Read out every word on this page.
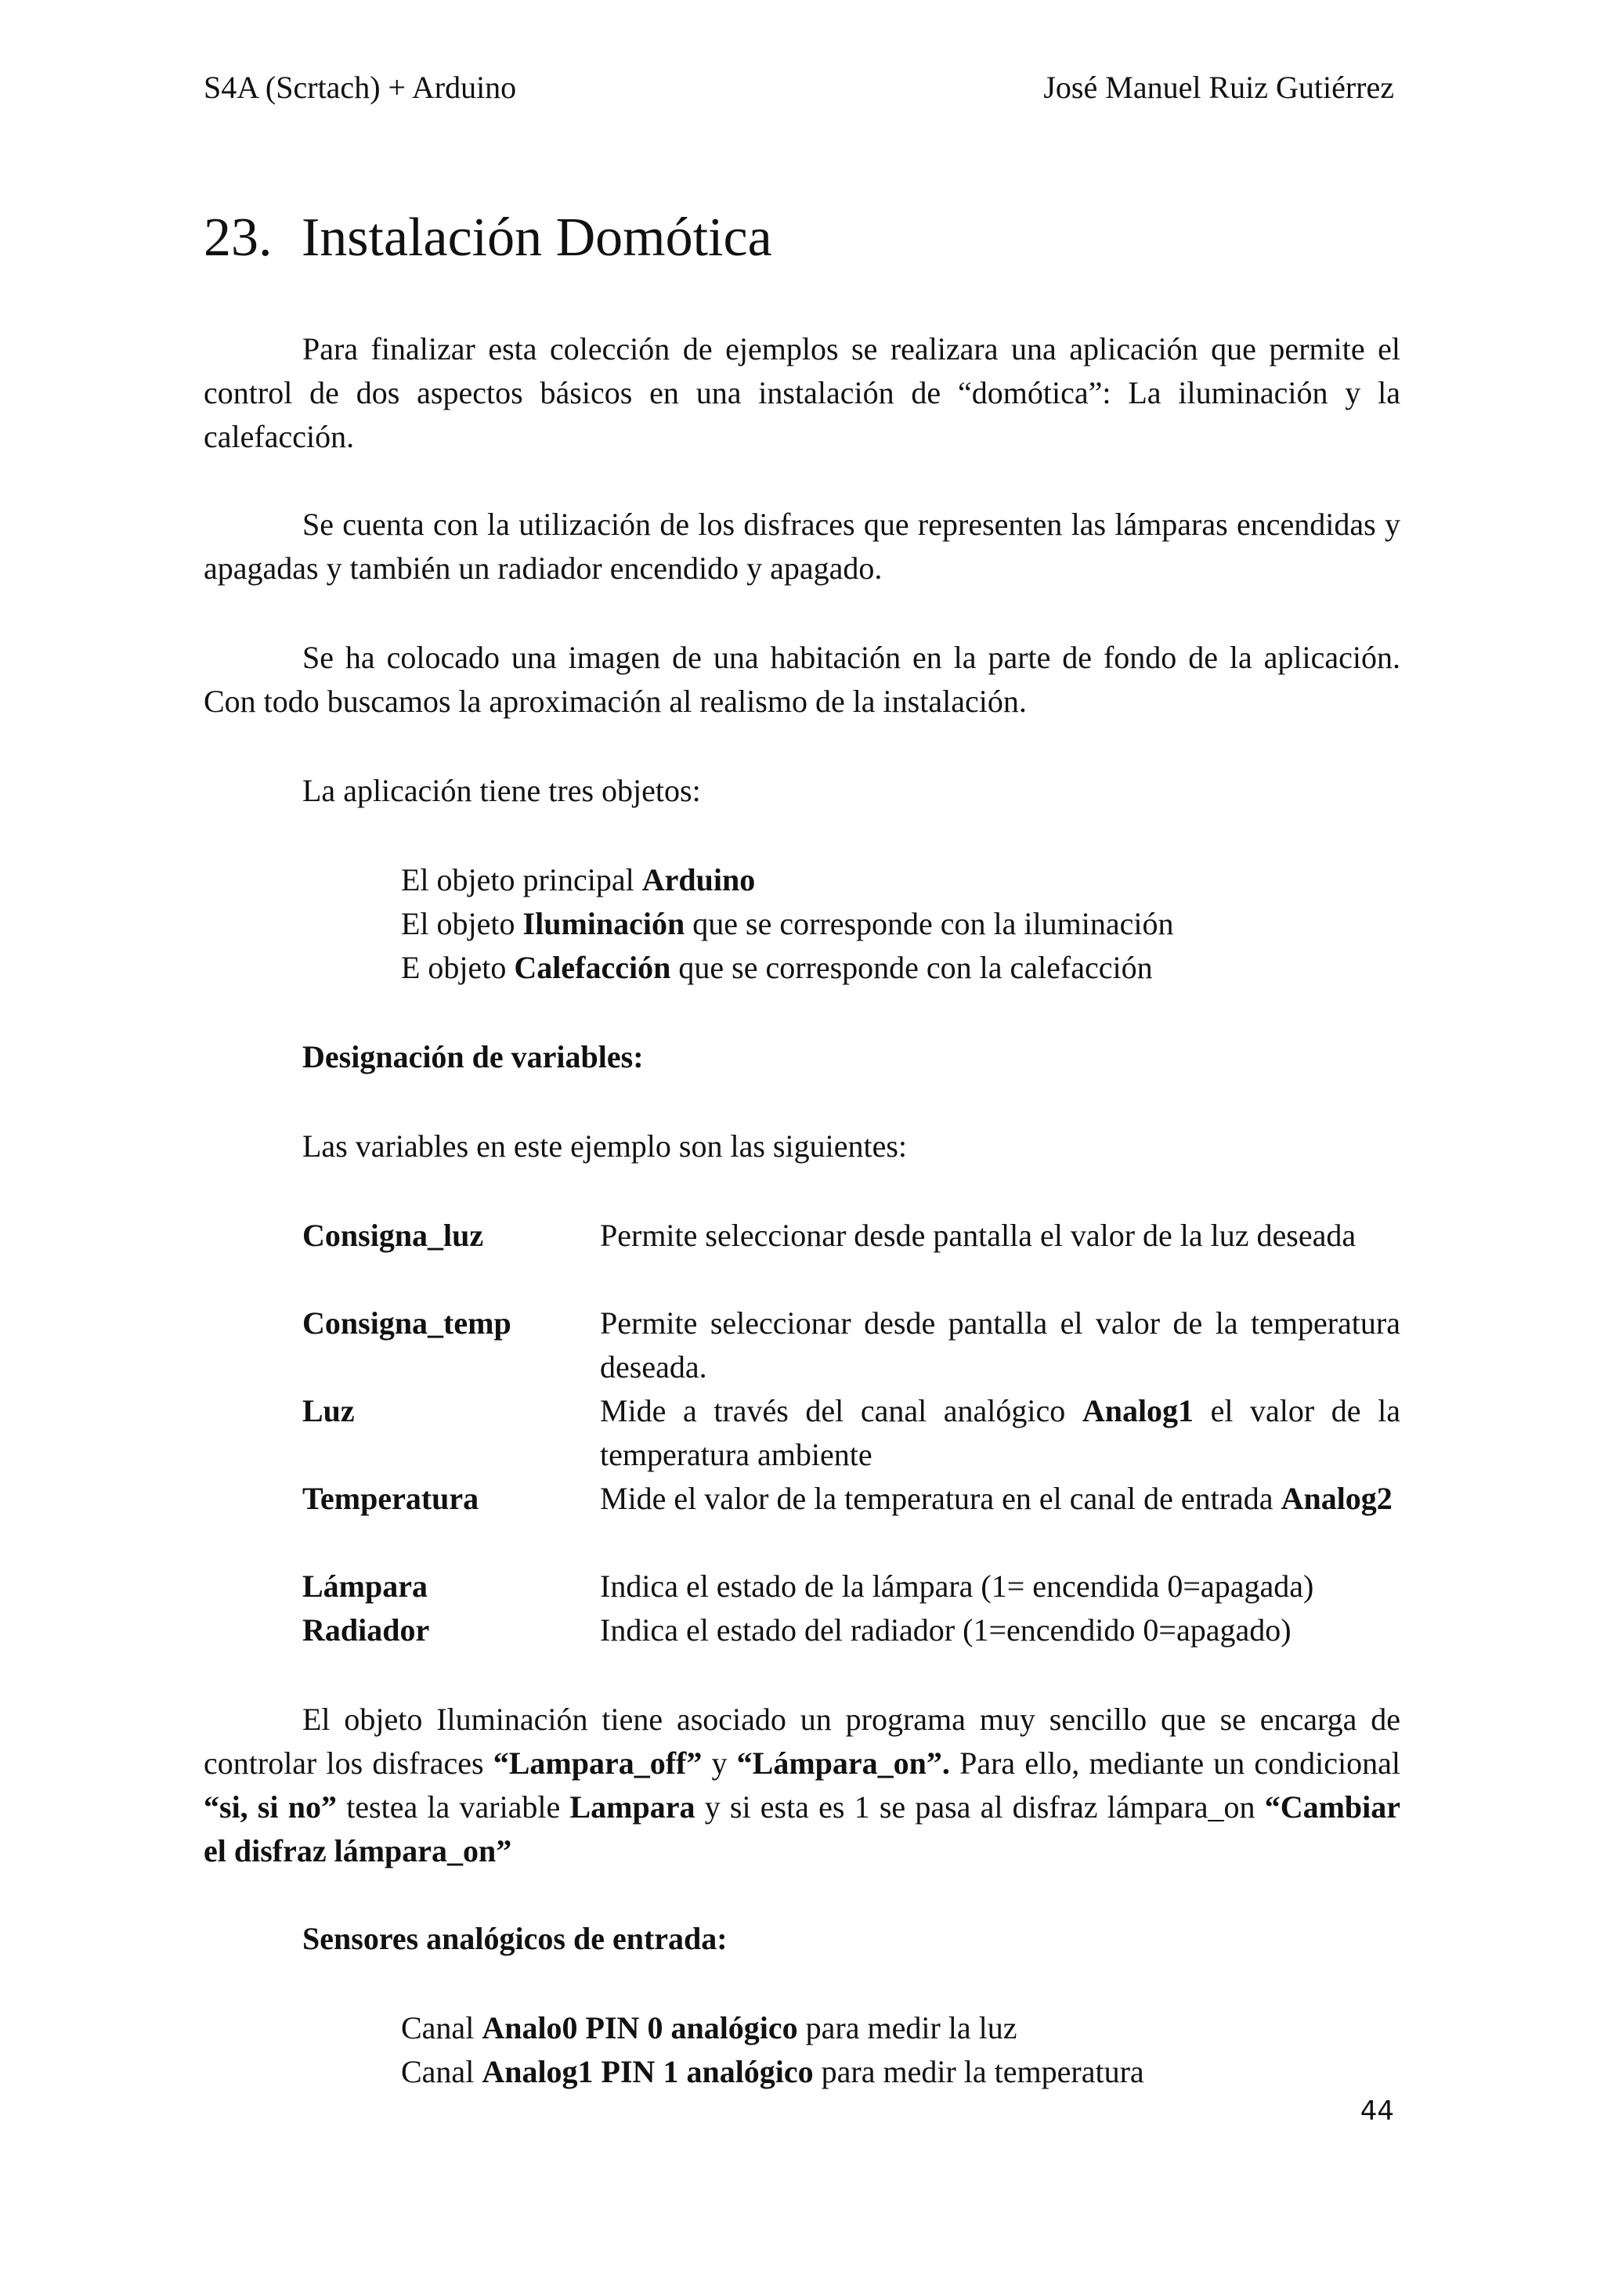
S4A (Scrtach) + Arduino	José Manuel Ruiz Gutiérrez
23. Instalación Domótica

Para finalizar esta colección de ejemplos se realizara una aplicación que permite el control de dos aspectos básicos en una instalación de “domótica”: La iluminación y la calefacción.

Se cuenta con la utilización de los disfraces que representen las lámparas encendidas y apagadas y también un radiador encendido y apagado.

Se ha colocado una imagen de una habitación en la parte de fondo de la aplicación. Con todo buscamos la aproximación al realismo de la instalación.

La aplicación tiene tres objetos:
El objeto principal Arduino
El objeto Iluminación que se corresponde con la iluminación
E objeto Calefacción que se corresponde con la calefacción
Designación de variables:
Las variables en este ejemplo son las siguientes:
Consigna_luz	Permite seleccionar desde pantalla el valor de la luz deseada
Consigna_temp	Permite seleccionar desde pantalla el valor de la temperatura deseada.
Luz	Mide a través del canal analógico Analog1 el valor de la temperatura ambiente
Temperatura	Mide el valor de la temperatura en el canal de entrada Analog2
Lámpara	Indica el estado de la lámpara (1= encendida 0=apagada)
Radiador	Indica el estado del radiador (1=encendido 0=apagado)

El objeto Iluminación tiene asociado un programa muy sencillo que se encarga de controlar los disfraces “Lampara_off” y “Lámpara_on”. Para ello, mediante un condicional “si, si no” testea la variable Lampara y si esta es 1 se pasa al disfraz lámpara_on “Cambiar el disfraz lámpara_on”

Sensores analógicos de entrada:
Canal Analo0 PIN 0 analógico para medir la luz
Canal Analog1 PIN 1 analógico para medir la temperatura
44
